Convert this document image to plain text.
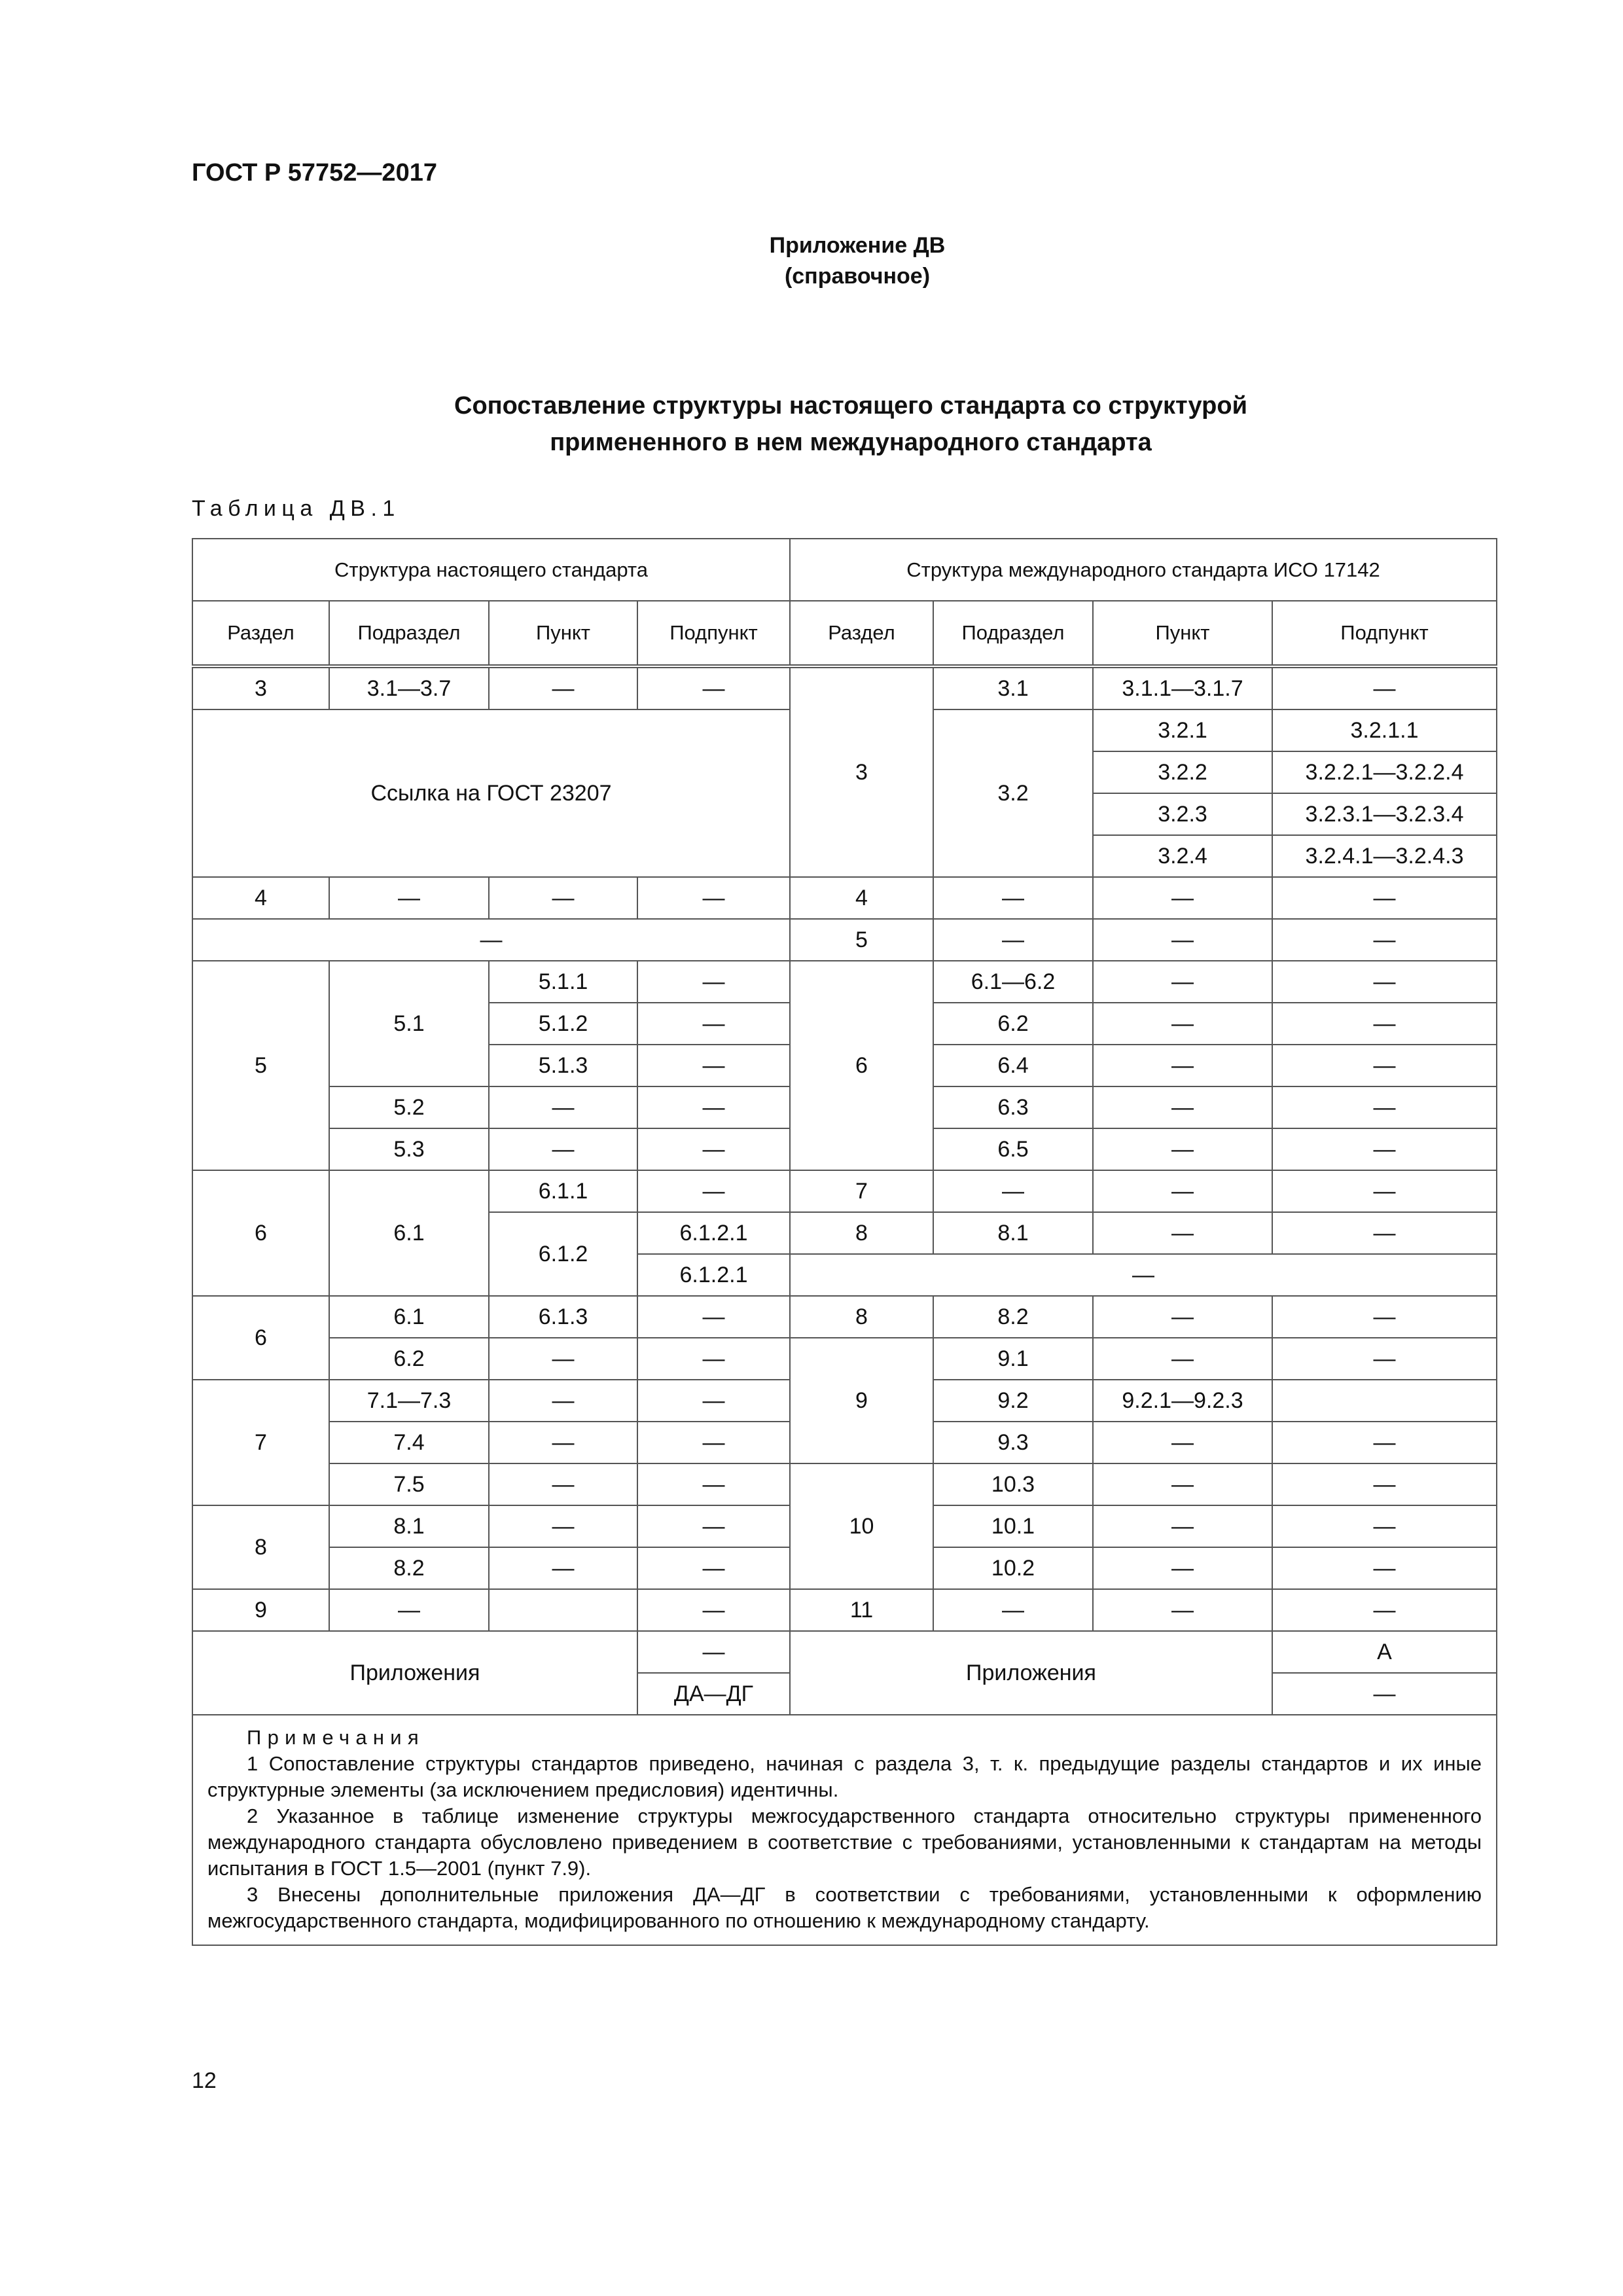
ГОСТ Р 57752—2017
Приложение ДВ
(справочное)
Сопоставление структуры настоящего стандарта со структурой
примененного в нем международного стандарта
Таблица ДВ.1
Структура настоящего стандарта				Структура международного стандарта ИСО 17142			
Раздел	Подраздел	Пункт	Подпункт	Раздел	Подраздел	Пункт	Подпункт
3	3.1—3.7	—	—	3	3.1	3.1.1—3.1.7	—
Ссылка на ГОСТ 23207					3.2	3.2.1	3.2.1.1
						3.2.2	3.2.2.1—3.2.2.4
						3.2.3	3.2.3.1—3.2.3.4
						3.2.4	3.2.4.1—3.2.4.3
4	—	—	—	4	—	—	—
—				5	—	—	—
5	5.1	5.1.1	—	6	6.1—6.2	—	—
		5.1.2	—		6.2	—	—
		5.1.3	—		6.4	—	—
	5.2	—	—		6.3	—	—
	5.3	—	—		6.5	—	—
6	6.1	6.1.1	—	7	—	—	—
		6.1.2	6.1.2.1	8	8.1	—	—
			6.1.2.1	—			
6	6.1	6.1.3	—	8	8.2	—	—
	6.2	—	—	9	9.1	—	—
7	7.1—7.3	—	—		9.2	9.2.1—9.2.3	
	7.4	—	—		9.3	—	—
	7.5	—	—	10	10.3	—	—
8	8.1	—	—		10.1	—	—
	8.2	—	—		10.2	—	—
9	—		—	11	—	—	—
Приложения			—	Приложения			А
			ДА—ДГ				—

Примечания
1 Сопоставление структуры стандартов приведено, начиная с раздела 3, т. к. предыдущие разделы стандартов и их иные структурные элементы (за исключением предисловия) идентичны.
2 Указанное в таблице изменение структуры межгосударственного стандарта относительно структуры примененного международного стандарта обусловлено приведением в соответствие с требованиями, установленными к стандартам на методы испытания в ГОСТ 1.5—2001 (пункт 7.9).
3 Внесены дополнительные приложения ДА—ДГ в соответствии с требованиями, установленными к оформлению межгосударственного стандарта, модифицированного по отношению к международному стандарту.							
12
